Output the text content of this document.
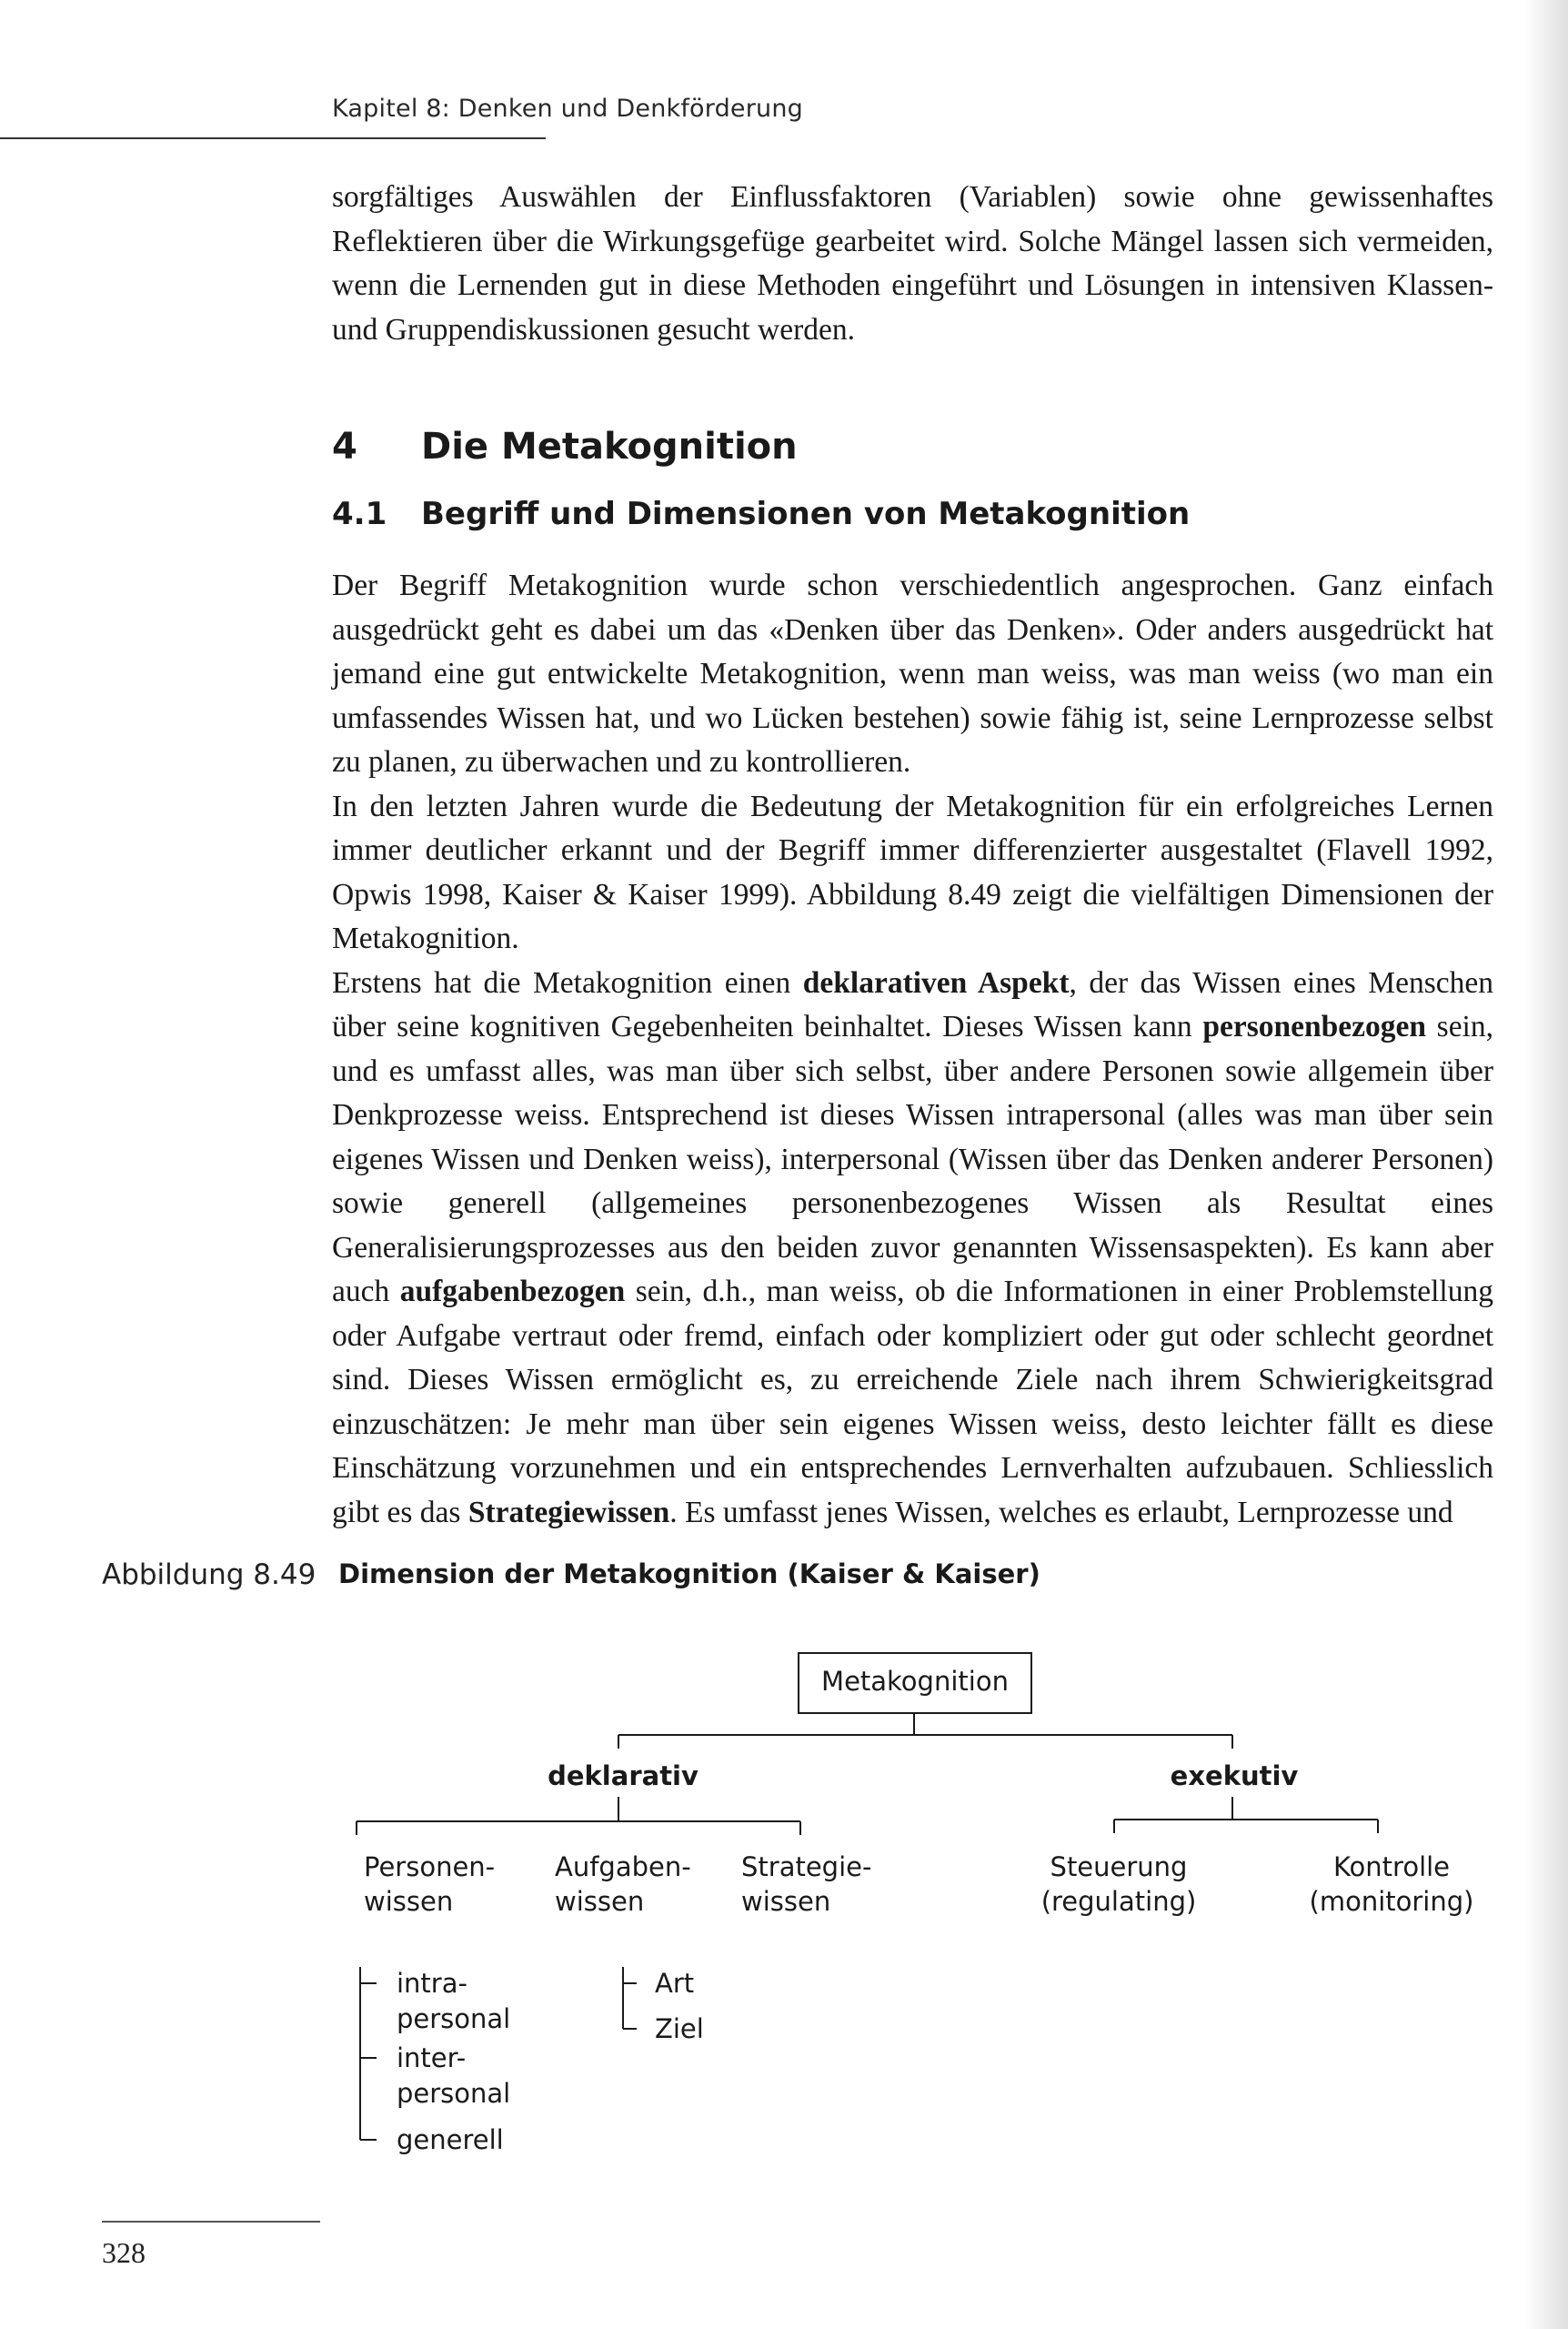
Kapitel 8: Denken und Denkförderung

sorgfältiges Auswählen der Einflussfaktoren (Variablen) sowie ohne gewissenhaftes Reflektieren über die Wirkungsgefüge gearbeitet wird. Solche Mängel lassen sich vermeiden, wenn die Lernenden gut in diese Methoden eingeführt und Lösungen in intensiven Klassen- und Gruppendiskussionen gesucht werden.

4 Die Metakognition
4.1 Begriff und Dimensionen von Metakognition

Der Begriff Metakognition wurde schon verschiedentlich angesprochen. Ganz einfach ausgedrückt geht es dabei um das «Denken über das Denken». Oder anders ausgedrückt hat jemand eine gut entwickelte Metakognition, wenn man weiss, was man weiss (wo man ein umfassendes Wissen hat, und wo Lücken bestehen) sowie fähig ist, seine Lernprozesse selbst zu planen, zu überwachen und zu kontrollieren.

In den letzten Jahren wurde die Bedeutung der Metakognition für ein erfolgreiches Lernen immer deutlicher erkannt und der Begriff immer differenzierter ausgestaltet (Flavell 1992, Opwis 1998, Kaiser & Kaiser 1999). Abbildung 8.49 zeigt die vielfältigen Dimensionen der Metakognition.

Erstens hat die Metakognition einen deklarativen Aspekt, der das Wissen eines Menschen über seine kognitiven Gegebenheiten beinhaltet. Dieses Wissen kann personenbezogen sein, und es umfasst alles, was man über sich selbst, über andere Personen sowie allgemein über Denkprozesse weiss. Entsprechend ist dieses Wissen intrapersonal (alles was man über sein eigenes Wissen und Denken weiss), interpersonal (Wissen über das Denken anderer Personen) sowie generell (allgemeines personenbezogenes Wissen als Resultat eines Generalisierungsprozesses aus den beiden zuvor genannten Wissensaspekten). Es kann aber auch aufgabenbezogen sein, d.h., man weiss, ob die Informationen in einer Problemstellung oder Aufgabe vertraut oder fremd, einfach oder kompliziert oder gut oder schlecht geordnet sind. Dieses Wissen ermöglicht es, zu erreichende Ziele nach ihrem Schwierigkeitsgrad einzuschätzen: Je mehr man über sein eigenes Wissen weiss, desto leichter fällt es diese Einschätzung vorzunehmen und ein entsprechendes Lernverhalten aufzubauen. Schliesslich gibt es das Strategiewissen. Es umfasst jenes Wissen, welches es erlaubt, Lernprozesse und

Abbildung 8.49 Dimension der Metakognition (Kaiser & Kaiser)
Metakognition
deklarativ	exekutiv
Personen-
wissen
Aufgaben-
wissen
Strategie-
wissen
Steuerung
(regulating)
Kontrolle
(monitoring)
intra-
personal
inter-
personal
generell
Art
Ziel
328
